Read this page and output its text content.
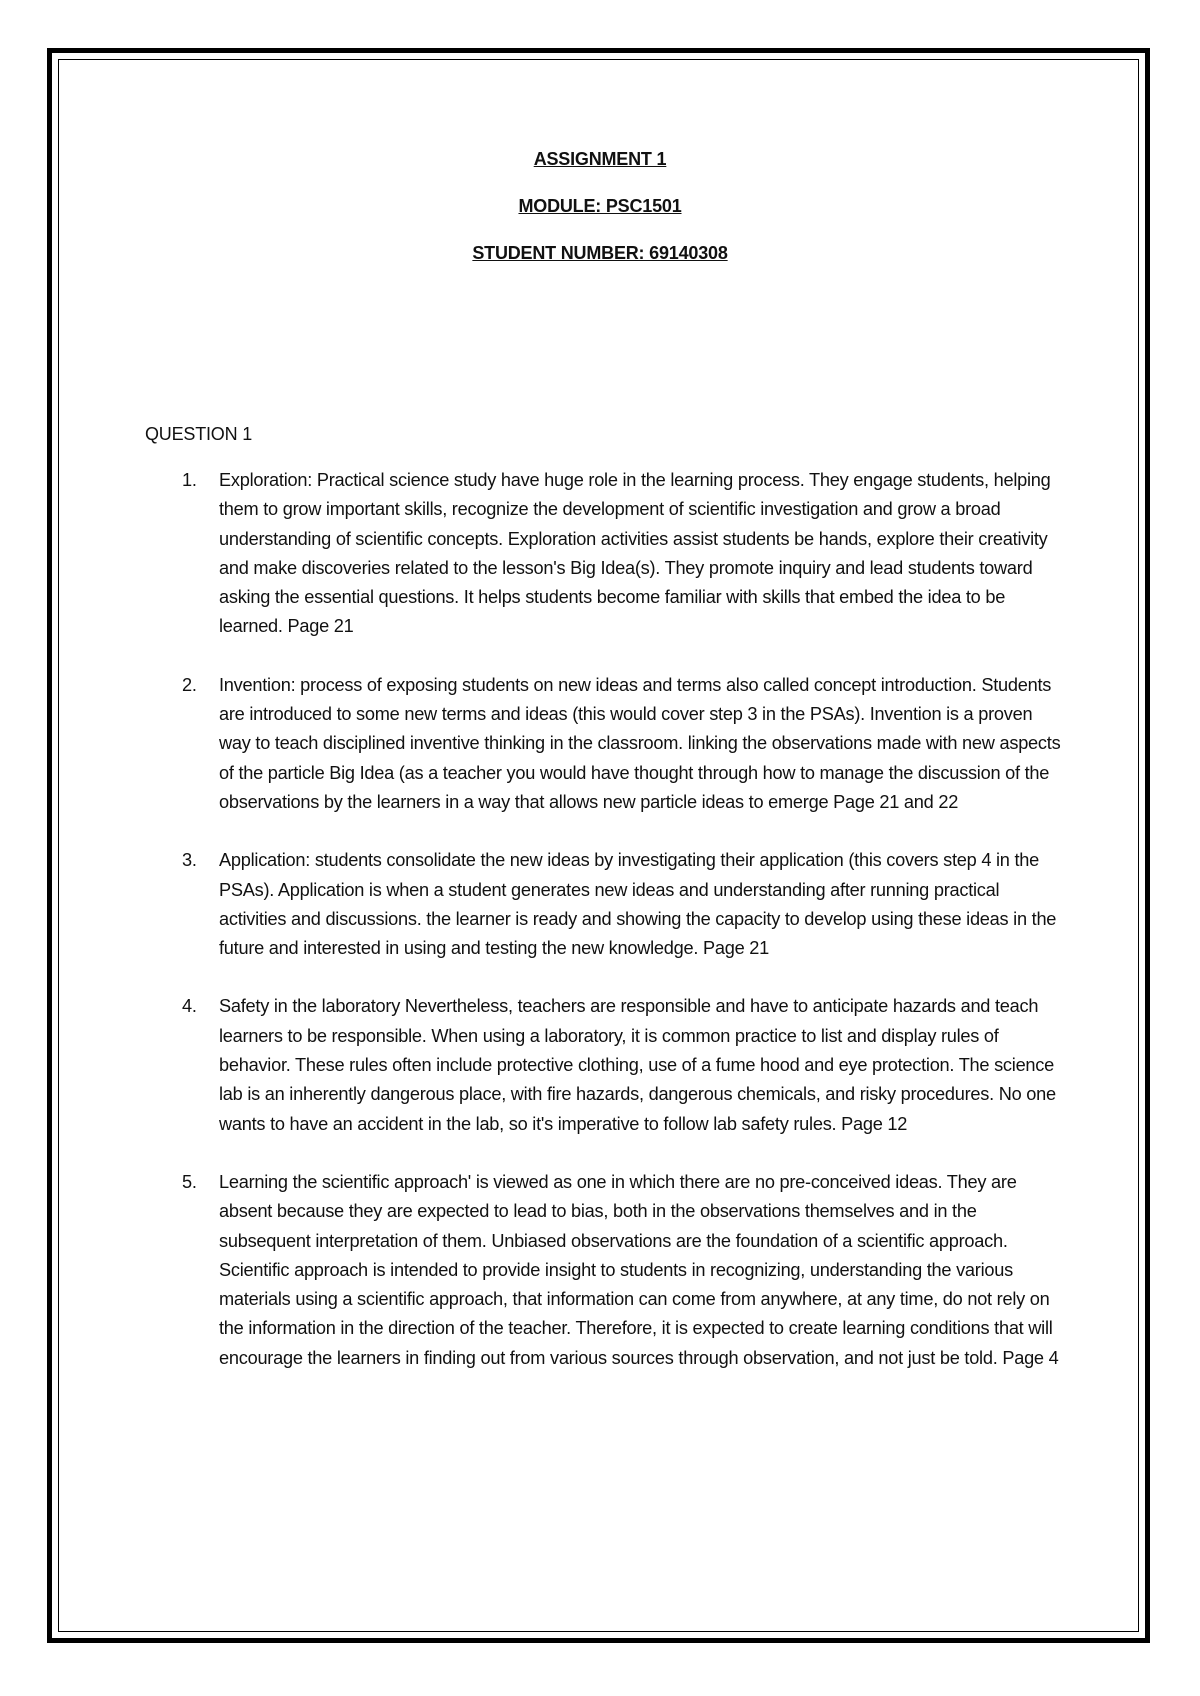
ASSIGNMENT 1
MODULE: PSC1501
STUDENT NUMBER: 69140308
QUESTION 1
1. Exploration: Practical science study have huge role in the learning process. They engage students, helping them to grow important skills, recognize the development of scientific investigation and grow a broad understanding of scientific concepts. Exploration activities assist students be hands, explore their creativity and make discoveries related to the lesson's Big Idea(s). They promote inquiry and lead students toward asking the essential questions. It helps students become familiar with skills that embed the idea to be learned. Page 21
2. Invention: process of exposing students on new ideas and terms also called concept introduction. Students are introduced to some new terms and ideas (this would cover step 3 in the PSAs). Invention is a proven way to teach disciplined inventive thinking in the classroom. linking the observations made with new aspects of the particle Big Idea (as a teacher you would have thought through how to manage the discussion of the observations by the learners in a way that allows new particle ideas to emerge Page 21 and 22
3. Application: students consolidate the new ideas by investigating their application (this covers step 4 in the PSAs). Application is when a student generates new ideas and understanding after running practical activities and discussions. the learner is ready and showing the capacity to develop using these ideas in the future and interested in using and testing the new knowledge. Page 21
4. Safety in the laboratory Nevertheless, teachers are responsible and have to anticipate hazards and teach learners to be responsible. When using a laboratory, it is common practice to list and display rules of behavior. These rules often include protective clothing, use of a fume hood and eye protection. The science lab is an inherently dangerous place, with fire hazards, dangerous chemicals, and risky procedures. No one wants to have an accident in the lab, so it's imperative to follow lab safety rules. Page 12
5. Learning the scientific approach' is viewed as one in which there are no pre-conceived ideas. They are absent because they are expected to lead to bias, both in the observations themselves and in the subsequent interpretation of them. Unbiased observations are the foundation of a scientific approach. Scientific approach is intended to provide insight to students in recognizing, understanding the various materials using a scientific approach, that information can come from anywhere, at any time, do not rely on the information in the direction of the teacher. Therefore, it is expected to create learning conditions that will encourage the learners in finding out from various sources through observation, and not just be told. Page 4
